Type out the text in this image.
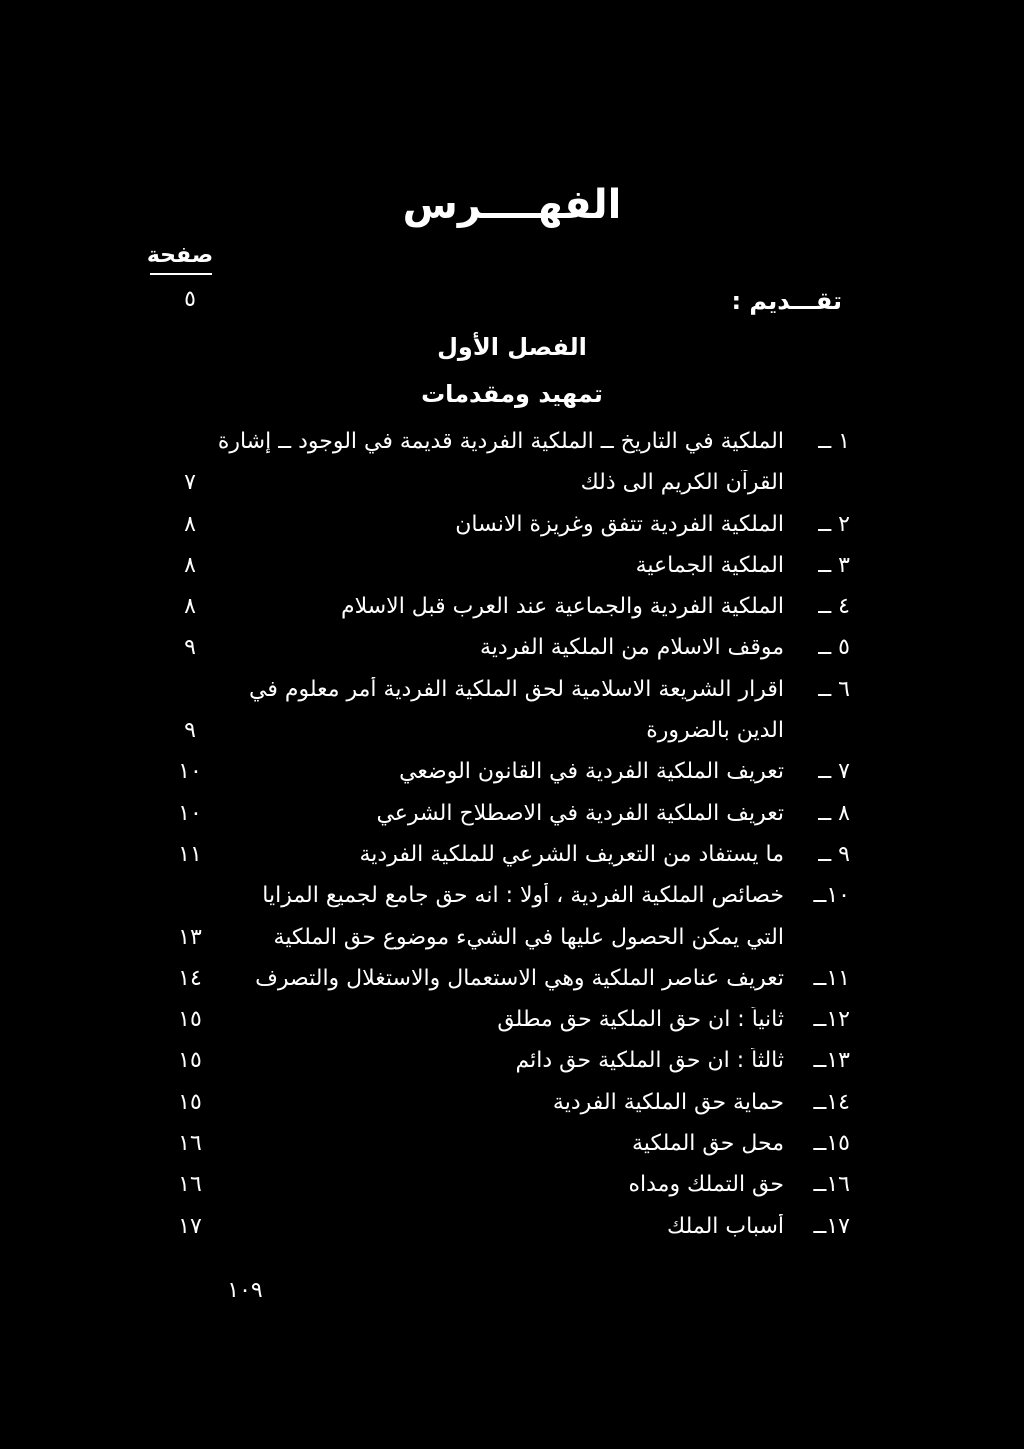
الفهــــرس
صفحة
تقـــديم :
٥
الفصل الأول
تمهيد ومقدمات
١ ــ
الملكية في التاريخ ــ الملكية الفردية قديمة في الوجود ــ إشارة
القرآن الكريم الى ذلك
٧
٢ ــ
الملكية الفردية تتفق وغريزة الانسان
٨
٣ ــ
الملكية الجماعية
٨
٤ ــ
الملكية الفردية والجماعية عند العرب قبل الاسلام
٨
٥ ــ
موقف الاسلام من الملكية الفردية
٩
٦ ــ
اقرار الشريعة الاسلامية لحق الملكية الفردية أمر معلوم في
الدين بالضرورة
٩
٧ ــ
تعريف الملكية الفردية في القانون الوضعي
١٠
٨ ــ
تعريف الملكية الفردية في الاصطلاح الشرعي
١٠
٩ ــ
ما يستفاد من التعريف الشرعي للملكية الفردية
١١
١٠ــ
خصائص الملكية الفردية ، أولا : انه حق جامع لجميع المزايا
التي يمكن الحصول عليها في الشيء موضوع حق الملكية
١٣
١١ــ
تعريف عناصر الملكية وهي الاستعمال والاستغلال والتصرف
١٤
١٢ــ
ثانياً : ان حق الملكية حق مطلق
١٥
١٣ــ
ثالثاً : ان حق الملكية حق دائم
١٥
١٤ــ
حماية حق الملكية الفردية
١٥
١٥ــ
محل حق الملكية
١٦
١٦ــ
حق التملك ومداه
١٦
١٧ــ
أسباب الملك
١٧
١٠٩
